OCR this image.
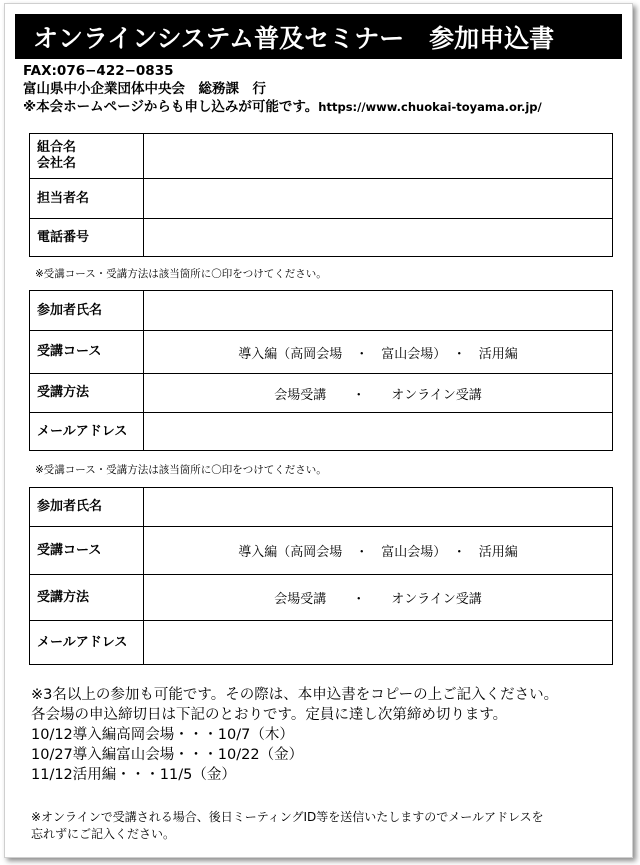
オンラインシステム普及セミナー　参加申込書
FAX:076−422−0835
富山県中小企業団体中央会　総務課　行
※本会ホームページからも申し込みが可能です。https://www.chuokai-toyama.or.jp/
組合名
会社名	

担当者名	
電話番号	
※受講コース・受講方法は該当箇所に〇印をつけてください。
参加者氏名	
受講コース	導入編（高岡会場　・　富山会場）　・　活用編
受講方法	会場受講　　・　　オンライン受講
メールアドレス	
※受講コース・受講方法は該当箇所に〇印をつけてください。
参加者氏名	
受講コース	導入編（高岡会場　・　富山会場）　・　活用編
受講方法	会場受講　　・　　オンライン受講
メールアドレス	
※3名以上の参加も可能です。その際は、本申込書をコピーの上ご記入ください。
各会場の申込締切日は下記のとおりです。定員に達し次第締め切ります。
10/12導入編高岡会場・・・10/7（木）
10/27導入編富山会場・・・10/22（金）
11/12活用編・・・11/5（金）
※オンラインで受講される場合、後日ミーティングID等を送信いたしますのでメールアドレスを
忘れずにご記入ください。
